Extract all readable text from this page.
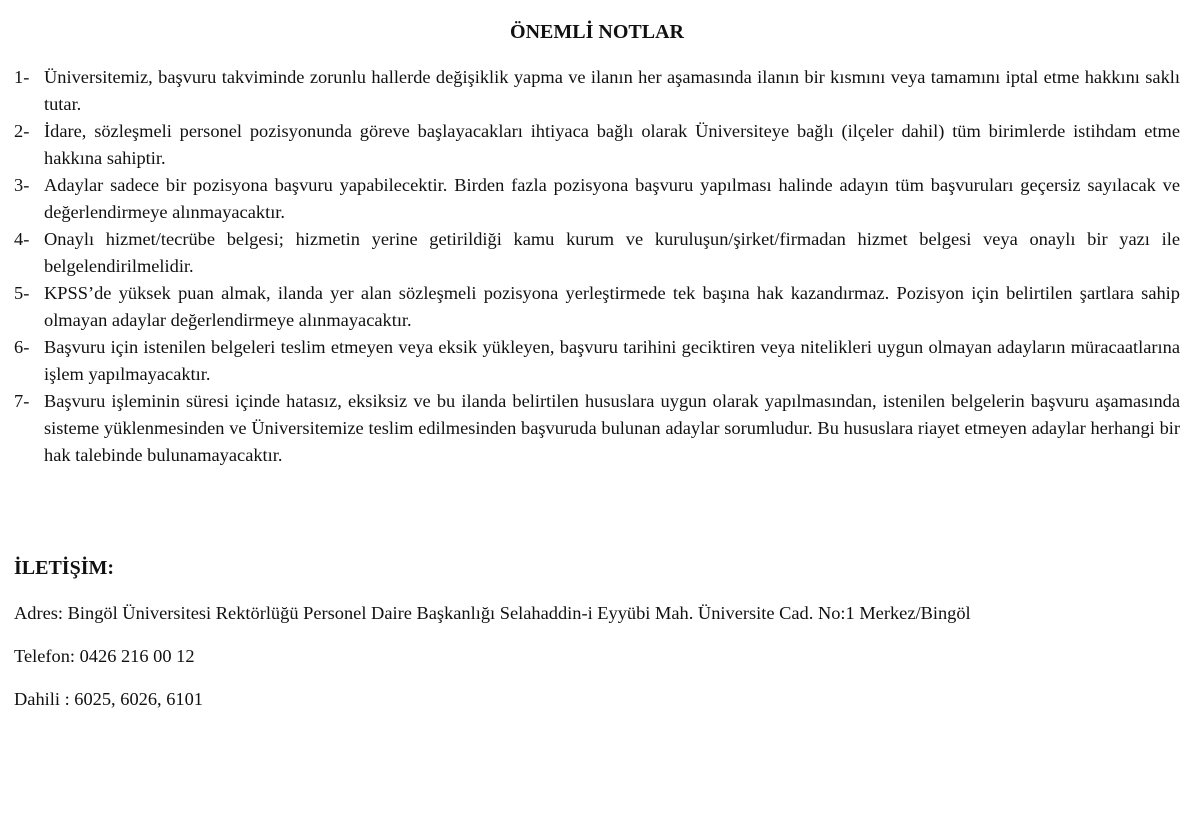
ÖNEMLİ NOTLAR
1- Üniversitemiz, başvuru takviminde zorunlu hallerde değişiklik yapma ve ilanın her aşamasında ilanın bir kısmını veya tamamını iptal etme hakkını saklı tutar.
2- İdare, sözleşmeli personel pozisyonunda göreve başlayacakları ihtiyaca bağlı olarak Üniversiteye bağlı (ilçeler dahil) tüm birimlerde istihdam etme hakkına sahiptir.
3- Adaylar sadece bir pozisyona başvuru yapabilecektir. Birden fazla pozisyona başvuru yapılması halinde adayın tüm başvuruları geçersiz sayılacak ve değerlendirmeye alınmayacaktır.
4- Onaylı hizmet/tecrübe belgesi; hizmetin yerine getirildiği kamu kurum ve kuruluşun/şirket/firmadan hizmet belgesi veya onaylı bir yazı ile belgelendirilmelidir.
5- KPSS’de yüksek puan almak, ilanda yer alan sözleşmeli pozisyona yerleştirmede tek başına hak kazandırmaz. Pozisyon için belirtilen şartlara sahip olmayan adaylar değerlendirmeye alınmayacaktır.
6- Başvuru için istenilen belgeleri teslim etmeyen veya eksik yükleyen, başvuru tarihini geciktiren veya nitelikleri uygun olmayan adayların müracaatlarına işlem yapılmayacaktır.
7- Başvuru işleminin süresi içinde hatasız, eksiksiz ve bu ilanda belirtilen hususlara uygun olarak yapılmasından, istenilen belgelerin başvuru aşamasında sisteme yüklenmesinden ve Üniversitemize teslim edilmesinden başvuruda bulunan adaylar sorumludur. Bu hususlara riayet etmeyen adaylar herhangi bir hak talebinde bulunamayacaktır.
İLETİŞİM:
Adres: Bingöl Üniversitesi Rektörlüğü Personel Daire Başkanlığı Selahaddin-i Eyyübi Mah. Üniversite Cad. No:1 Merkez/Bingöl
Telefon: 0426 216 00 12
Dahili : 6025, 6026, 6101
